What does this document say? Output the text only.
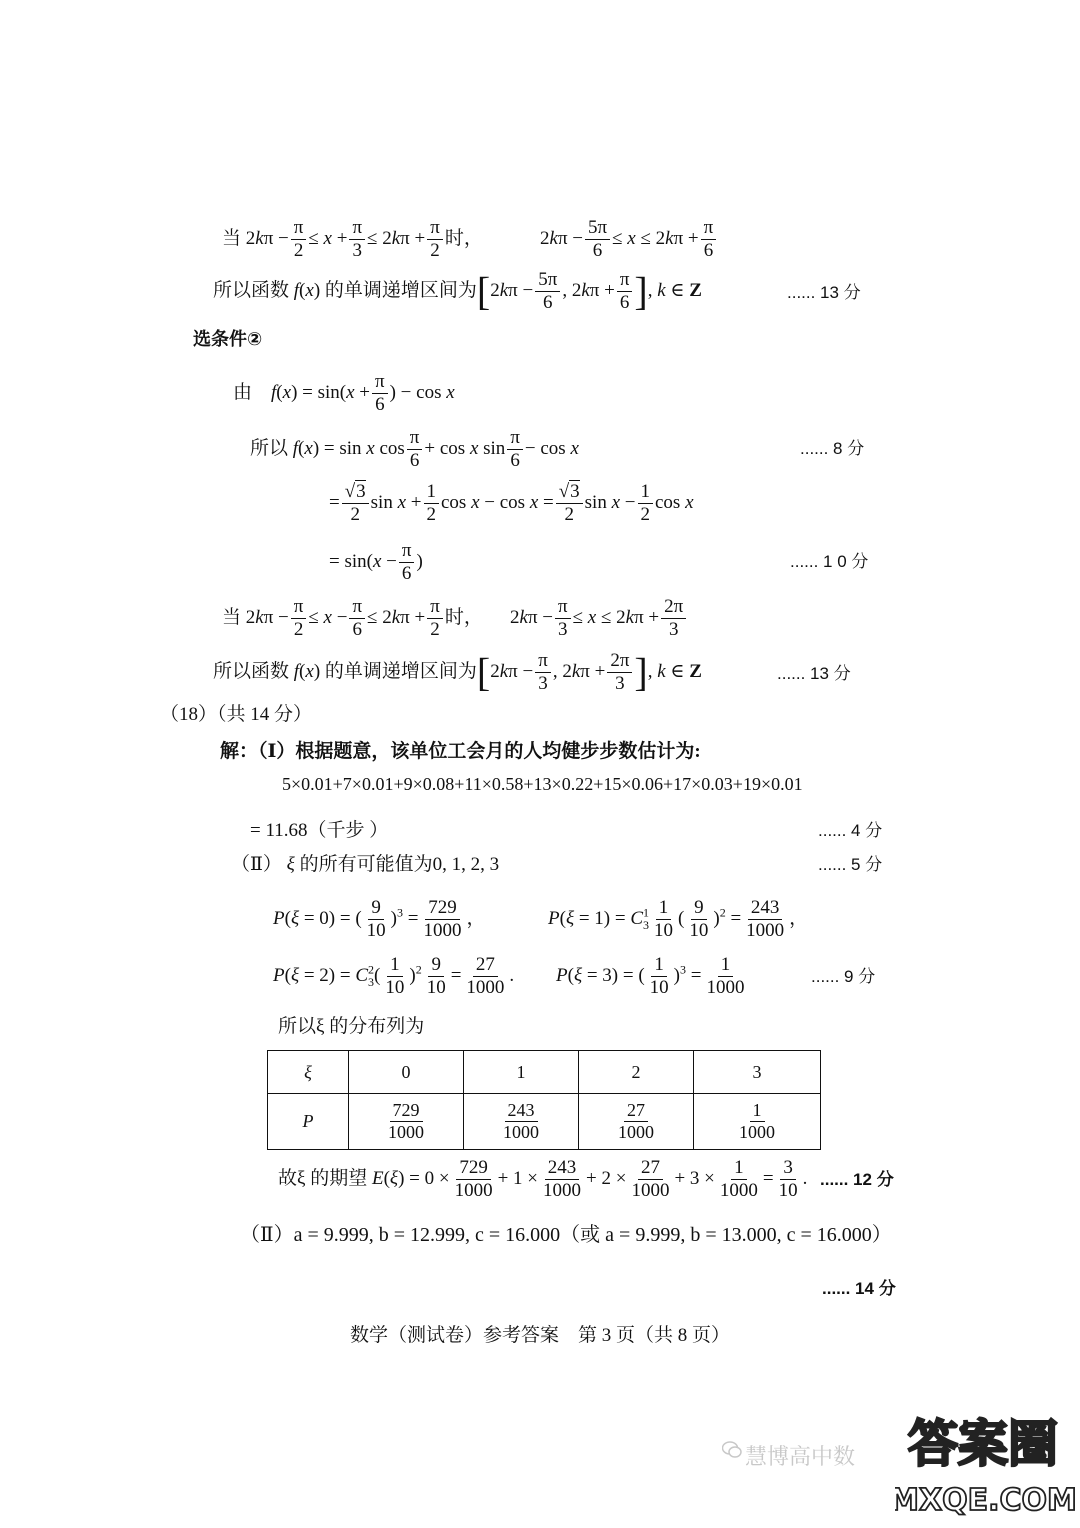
当 $2k\pi - \frac{\pi}{2} \le x + \frac{\pi}{3} \le 2k\pi + \frac{\pi}{2}$ 时，	$2k\pi - \frac{5\pi}{6} \le x \le 2k\pi + \frac{\pi}{6}$
所以函数 f(x) 的单调递增区间为[$2k\pi - \frac{5\pi}{6}$ , $2k\pi + \frac{\pi}{6}$ ], k ∈ Z	...... 13 分
选条件②
由　$f(x) = \sin(x + \frac{\pi}{6}$ ) − cos x
所以 f(x) = sin x $\cos \frac{\pi}{6} + \cos x$ $\sin \frac{\pi}{6} - \cos x$	...... 8 分
= $\frac{√3}{2}$ $\sin x + \frac{1}{2}$ $\cos x - \cos x = \frac{√3}{2}$ $\sin x - \frac{1}{2}$ cos x
= $\sin(x - \frac{\pi}{6}$ )	...... 1 0 分
当 $2k\pi - \frac{\pi}{2} \le x - \frac{\pi}{6} \le 2k\pi + \frac{\pi}{2}$ 时， $2k\pi - \frac{\pi}{3} \le x \le 2k\pi + \frac{2\pi}{3}$
所以函数 f(x) 的单调递增区间为[$2k\pi - \frac{\pi}{3}$ , $2k\pi + \frac{2\pi}{3}$ ], k ∈ Z	...... 13 分
（18）（共 14 分）
解：（Ⅰ）根据题意，该单位工会月的人均健步步数估计为:
5×0.01+7×0.01+9×0.08+11×0.58+13×0.22+15×0.06+17×0.03+19×0.01
= 11.68（千步 ）	...... 4 分
（Ⅱ） ξ 的所有可能值为0, 1, 2, 3	...... 5 分
P(ξ = 0) = ( $\frac{9}{10} )^3 = \frac{729}{1000}$ ，	$P(\xi = 1) = C^1_3 \frac{1}{10}$ ( $\frac{9}{10} )^2 = \frac{243}{1000}$ ，
$P(\xi = 2) = C^2_3( \frac{1}{10} )^2 \frac{9}{10} = \frac{27}{1000}$ . P(ξ = 3) = ( $\frac{1}{10} )^3 = \frac{1}{1000}$	...... 9 分
所以ξ 的分布列为
ξ	0	1	2	3
P	$\frac{729}{1000}$	$\frac{243}{1000}$	$\frac{27}{1000}$	$\frac{1}{1000}$
故ξ 的期望 $E(\xi) = 0 \times \frac{729}{1000} + 1 \times \frac{243}{1000} + 2 \times \frac{27}{1000} + 3 \times \frac{1}{1000} = \frac{3}{10}$ . ...... 12 分
（Ⅱ）a = 9.999, b = 12.999, c = 16.000（或 a = 9.999, b = 13.000, c = 16.000）
...... 14 分
数学（测试卷）参考答案　第 3 页（共 8 页）
慧博高中数 答案圈
MXQE.COM
